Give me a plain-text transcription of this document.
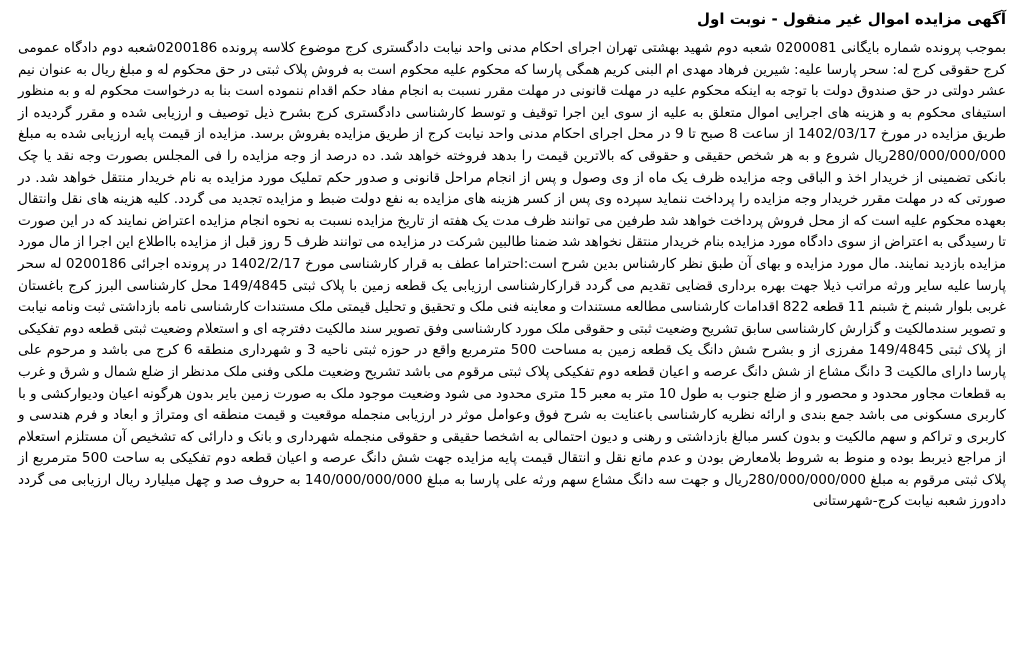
آگهی مزایده اموال غیر منقول - نوبت اول

بموجب پرونده شماره بایگانی 0200081 شعبه دوم شهید بهشتی تهران اجرای احکام مدنی واحد نیابت دادگستری کرج موضوع کلاسه پرونده 0200186شعبه دوم دادگاه عمومی کرج حقوقی کرج له: سحر پارسا علیه: شیرین فرهاد مهدی ام البنی کریم همگی پارسا که محکوم علیه محکوم است به فروش پلاک ثبتی در حق محکوم له و مبلغ ریال به عنوان نیم عشر دولتی در حق صندوق دولت با توجه به اینکه محکوم علیه در مهلت قانونی در مهلت مقرر نسبت به انجام مفاد حکم اقدام ننموده است بنا به درخواست محکوم له و به منظور استیفای محکوم به و هزینه های اجرایی اموال متعلق به علیه از سوی این اجرا توقیف و توسط کارشناسی دادگستری کرج بشرح ذیل توصیف و ارزیابی شده و مقرر گردیده از طریق مزایده در مورخ 1402/03/17 از ساعت 8 صبح تا 9 در محل اجرای احکام مدنی واحد نیابت کرج از طریق مزایده بفروش برسد. مزایده از قیمت پایه ارزیابی شده به مبلغ 280/000/000/000ریال شروع و به هر شخص حقیقی و حقوقی که بالاترین قیمت را بدهد فروخته خواهد شد. ده درصد از وجه مزایده را فی المجلس بصورت وجه نقد یا چک بانکی تضمینی از خریدار اخذ و الباقی وجه مزایده ظرف یک ماه از وی وصول و پس از انجام مراحل قانونی و صدور حکم تملیک مورد مزایده به نام خریدار منتقل خواهد شد. در صورتی که در مهلت مقرر خریدار وجه مزایده را پرداخت ننماید سپرده وی پس از کسر هزینه های مزایده به نفع دولت ضبط و مزایده تجدید می گردد. کلیه هزینه های نقل وانتقال بعهده محکوم علیه است که از محل فروش پرداخت خواهد شد طرفین می توانند ظرف مدت یک هفته از تاریخ مزایده نسبت به نحوه انجام مزایده اعتراض نمایند که در این صورت تا رسیدگی به اعتراض از سوی دادگاه مورد مزایده بنام خریدار منتقل نخواهد شد ضمنا طالبین شرکت در مزایده می توانند ظرف 5 روز قبل از مزایده بااطلاع این اجرا از مال مورد مزایده بازدید نمایند. مال مورد مزایده و بهای آن طبق نظر کارشناس بدین شرح است:احتراما عطف به قرار کارشناسی مورخ 1402/2/17 در پرونده اجرائی 0200186 له سحر پارسا علیه سایر ورثه مراتب ذیلا جهت بهره برداری قضایی تقدیم می گردد قرارکارشناسی ارزیابی یک قطعه زمین با پلاک ثبتی 149/4845 محل کارشناسی البرز کرج باغستان غربی بلوار شبنم خ شبنم 11 قطعه 822 اقدامات کارشناسی مطالعه مستندات و معاینه فنی ملک و تحقیق و تحلیل قیمتی ملک مستندات کارشناسی نامه بازداشتی ثبت ونامه نیابت و تصویر سندمالکیت و گزارش کارشناسی سابق تشریح وضعیت ثبتی و حقوقی ملک مورد کارشناسی وفق تصویر سند مالکیت دفترچه ای و استعلام وضعیت ثبتی قطعه دوم تفکیکی از پلاک ثبتی 149/4845 مفرزی از و بشرح شش دانگ یک قطعه زمین به مساحت 500 مترمربع واقع در حوزه ثبتی ناحیه 3 و شهرداری منطقه 6 کرج می باشد و مرحوم علی پارسا دارای مالکیت 3 دانگ مشاع از شش دانگ عرصه و اعیان قطعه دوم تفکیکی پلاک ثبتی مرقوم می باشد تشریح وضعیت ملکی وفنی ملک مدنظر از ضلع شمال و شرق و غرب به قطعات مجاور محدود و محصور و از ضلع جنوب به طول 10 متر به معبر 15 متری محدود می شود وضعیت موجود ملک به صورت زمین بایر بدون هرگونه اعیان ودیوارکشی و با کاربری مسکونی می باشد جمع بندی و ارائه نظریه کارشناسی باعنایت به شرح فوق وعوامل موثر در ارزیابی منجمله موقعیت و قیمت منطقه ای ومتراژ و ابعاد و فرم هندسی و کاربری و تراکم و سهم مالکیت و بدون کسر مبالغ بازداشتی و رهنی و دیون احتمالی به اشخصا حقیقی و حقوقی منجمله شهرداری و بانک و دارائی که تشخیص آن مستلزم استعلام از مراجع ذیربط بوده و منوط به شروط بلامعارض بودن و عدم مانع نقل و انتقال قیمت پایه مزایده جهت شش دانگ عرصه و اعیان قطعه دوم تفکیکی به ساحت 500 مترمربع از پلاک ثبتی مرقوم به مبلغ 280/000/000/000ریال و جهت سه دانگ مشاع سهم ورثه علی پارسا به مبلغ 140/000/000/000 به حروف صد و چهل میلیارد ریال ارزیابی می گردد دادورز شعبه نیابت کرج-شهرستانی
